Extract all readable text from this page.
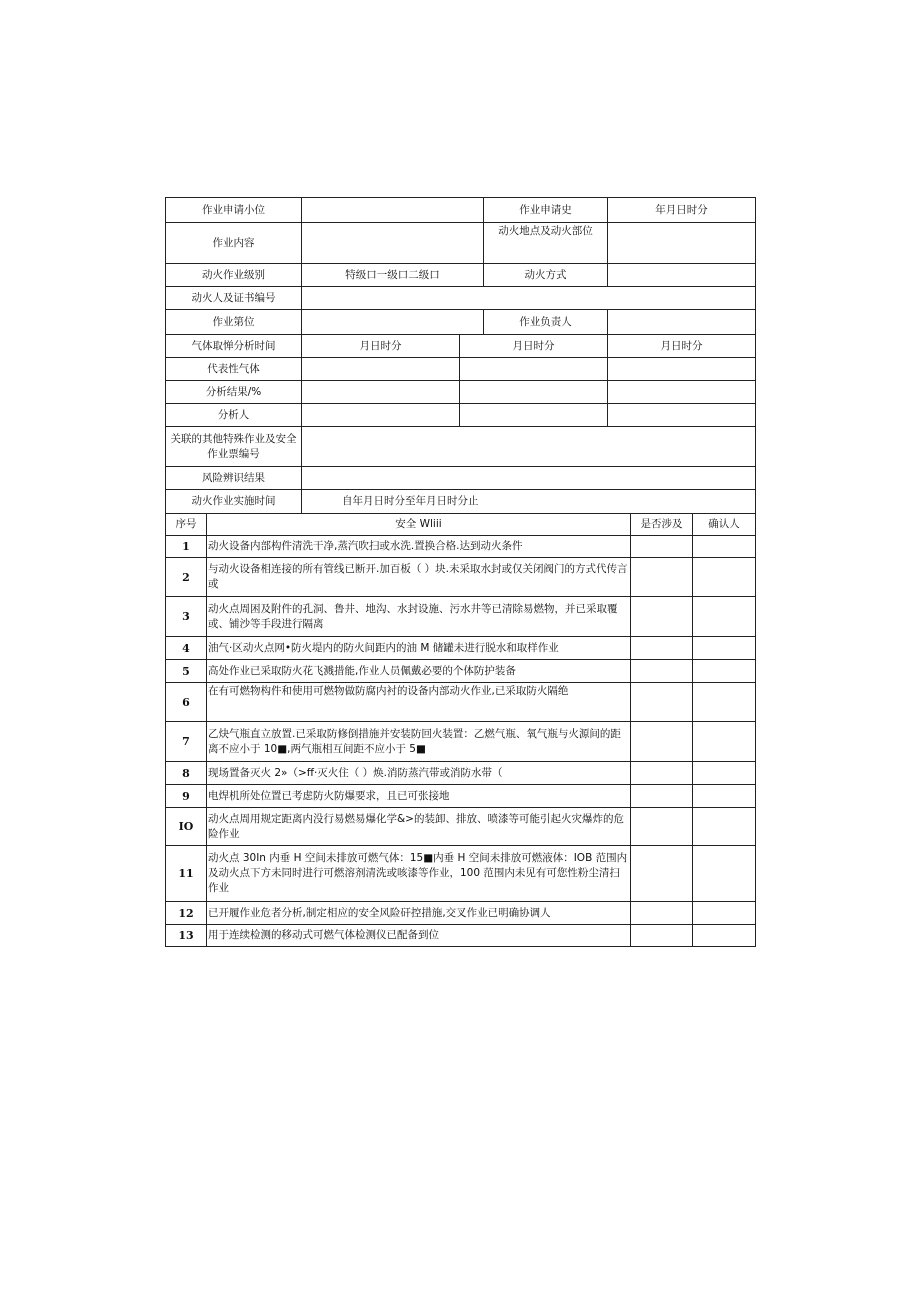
作业申请小位				作业申请史	年月日时分		
作业内容				动火地点及动火部位			
动火作业级别		特级口一级口二级口		动火方式			
动火人及证书编号							
作业第位				作业负责人			
气体取惮分析时间		月日时分	月日时分		月日时分		
代表性气体							
分析结果/%							
分析人							
关联的其他特殊作业及安全作业票编号							
风险辨识结果							
动火作业实施时间		自年月日时分至年月日时分止					
序号	安全 Wliii					是否涉及	确认人
1	动火设备内部构件清洗干净,蒸汽吹扫或水洗.置换合格.达到动火条件						
2	与动火设备相连接的所有管线已断开.加百板（ ）块.未采取水封或仅关闭阀门的方式代传言或						
3	动火点周困及附件的孔洞、鲁井、地沟、水封设施、污水井等已清除易燃物，并已采取覆或、铺沙等手段进行隔离						
4	油气·区动火点网•防火堤内的防火间距内的油 M 储罐未进行脱水和取样作业						
5	高处作业已采取防火花飞溅措能,作业人员佩戴必要的个体防护装备						
6	在有可燃物构件和使用可燃物做防腐内衬的设备内部动火作业,已采取防火隔绝						
7	乙炔气瓶直立放置.已采取防修倒措施并安装防回火装置：乙燃气瓶、氧气瓶与火源间的距离不应小于 10■,两气瓶相互间距不应小于 5■						
8	现场置备灭火 2»（>ff·灭火住（ ）焕.消防蒸汽带或消防水带（						
9	电焊机所处位置已考虑防火防爆要求，且已可张接地						
IO	动火点周用规定距离内没行易燃易爆化学&>的装卸、排放、喷漆等可能引起火灾爆炸的危险作业						
11	动火点 30In 内垂 H 空间未排放可燃气体：15■内垂 H 空间未排放可燃液体：IOB 范围内及动火点下方未同时进行可燃溶剂清洗或咳漆等作业，100 范围内未见有可您性粉尘清扫作业						
12	已开履作业危者分析,制定相应的安全风险矸控措施,交叉作业已明确协调人						
13	用于连续检测的移动式可燃气体检测仪已配备到位						
